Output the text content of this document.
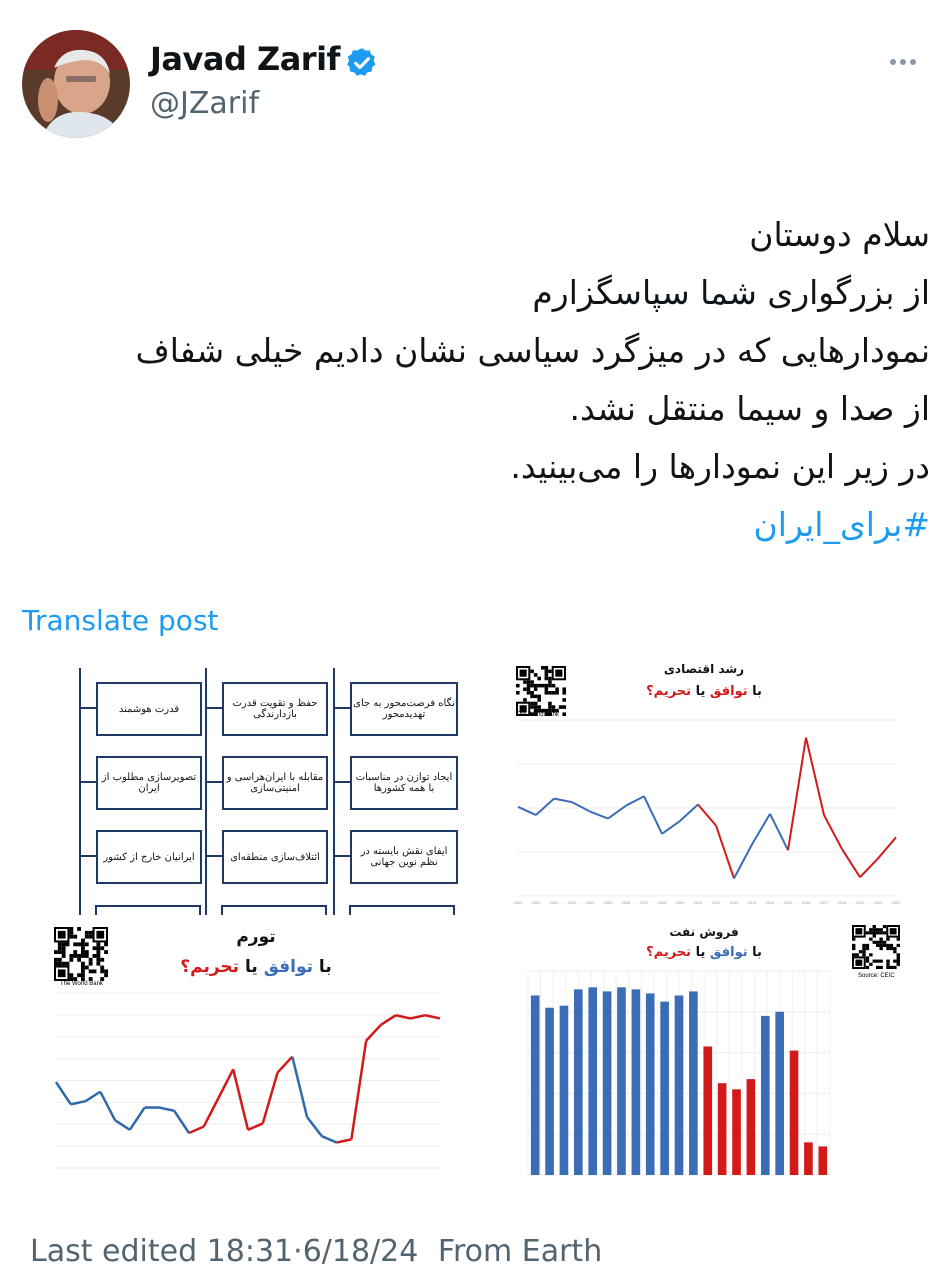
Javad Zarif
@JZarif
سلام دوستان
از بزرگواری شما سپاسگزارم
نمودارهایی که در میزگرد سیاسی نشان دادیم خیلی شفاف
از صدا و سیما منتقل نشد.
در زیر این نمودارها را می‌بینید.
#برای_ایران
Translate post
قدرت هوشمند	حفظ و تقویت قدرت بازدارندگی
نگاه فرصت‌محور به جای تهدیدمحور
تصویرسازی مطلوب از ایران
مقابله با ایران‌هراسی و امنیتی‌سازی
ایجاد توازن در مناسبات با همه کشورها
ایرانیان خارج از کشور	ائتلاف‌سازی منطقه‌ای	ایفای نقش بایسته در نظم نوین جهانی
رشد اقتصادی
با توافق یا تحریم؟
The World Bank
2000 2001 2002 2003 2004 2005 2006 2007 2008 2009 2010 2011 2012 2013 2014 2015 2016 2017 2018 2019 2020 2021
تورم
با توافق یا تحریم؟
The World Bank
فروش نفت
با توافق یا تحریم؟
Source: CEIC
Last edited 18:31·6/18/24 From Earth
